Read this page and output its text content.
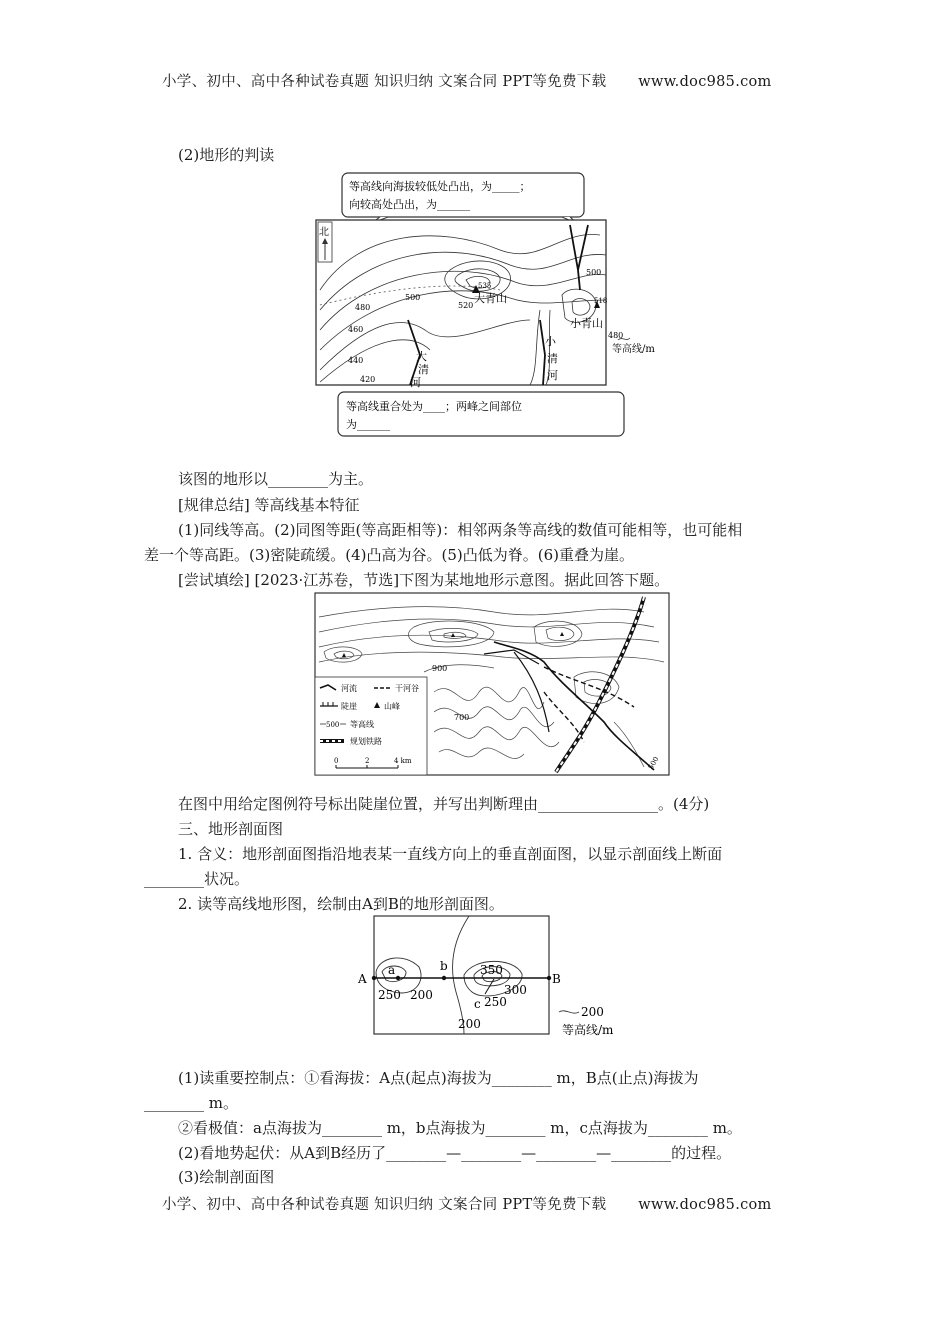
小学、初中、高中各种试卷真题 知识归纳 文案合同 PPT等免费下载 www.doc985.com
(2)地形的判读
等高线向海拔较低处凸出，为_____；
向较高处凸出，为______
北
535
大青山	518
小青山
大
清
河
小
清
河
420
440
460
480
500
520
500
480
等高线/m
等高线重合处为____；两峰之间部位
为______
该图的地形以________为主。
[规律总结] 等高线基本特征
(1)同线等高。(2)同图等距(等高距相等)：相邻两条等高线的数值可能相等，也可能相
差一个等高距。(3)密陡疏缓。(4)凸高为谷。(5)凸低为脊。(6)重叠为崖。
[尝试填绘] [2023·江苏卷，节选]下图为某地地形示意图。据此回答下题。
900
700
500
河流	干河谷
陡崖	山峰
500 等高线
规划铁路
0	2	4 km
在图中用给定图例符号标出陡崖位置，并写出判断理由________________。(4分)
三、地形剖面图
1. 含义：地形剖面图指沿地表某一直线方向上的垂直剖面图，以显示剖面线上断面
________状况。
2. 读等高线地形图，绘制由A到B的地形剖面图。
A	B
a	b
c
250 200
350
300
250
200
200
等高线/m
(1)读重要控制点：①看海拔：A点(起点)海拔为________ m，B点(止点)海拔为
________ m。
②看极值：a点海拔为________ m，b点海拔为________ m，c点海拔为________ m。
(2)看地势起伏：从A到B经历了________—________—________—________的过程。
(3)绘制剖面图
小学、初中、高中各种试卷真题 知识归纳 文案合同 PPT等免费下载 www.doc985.com
